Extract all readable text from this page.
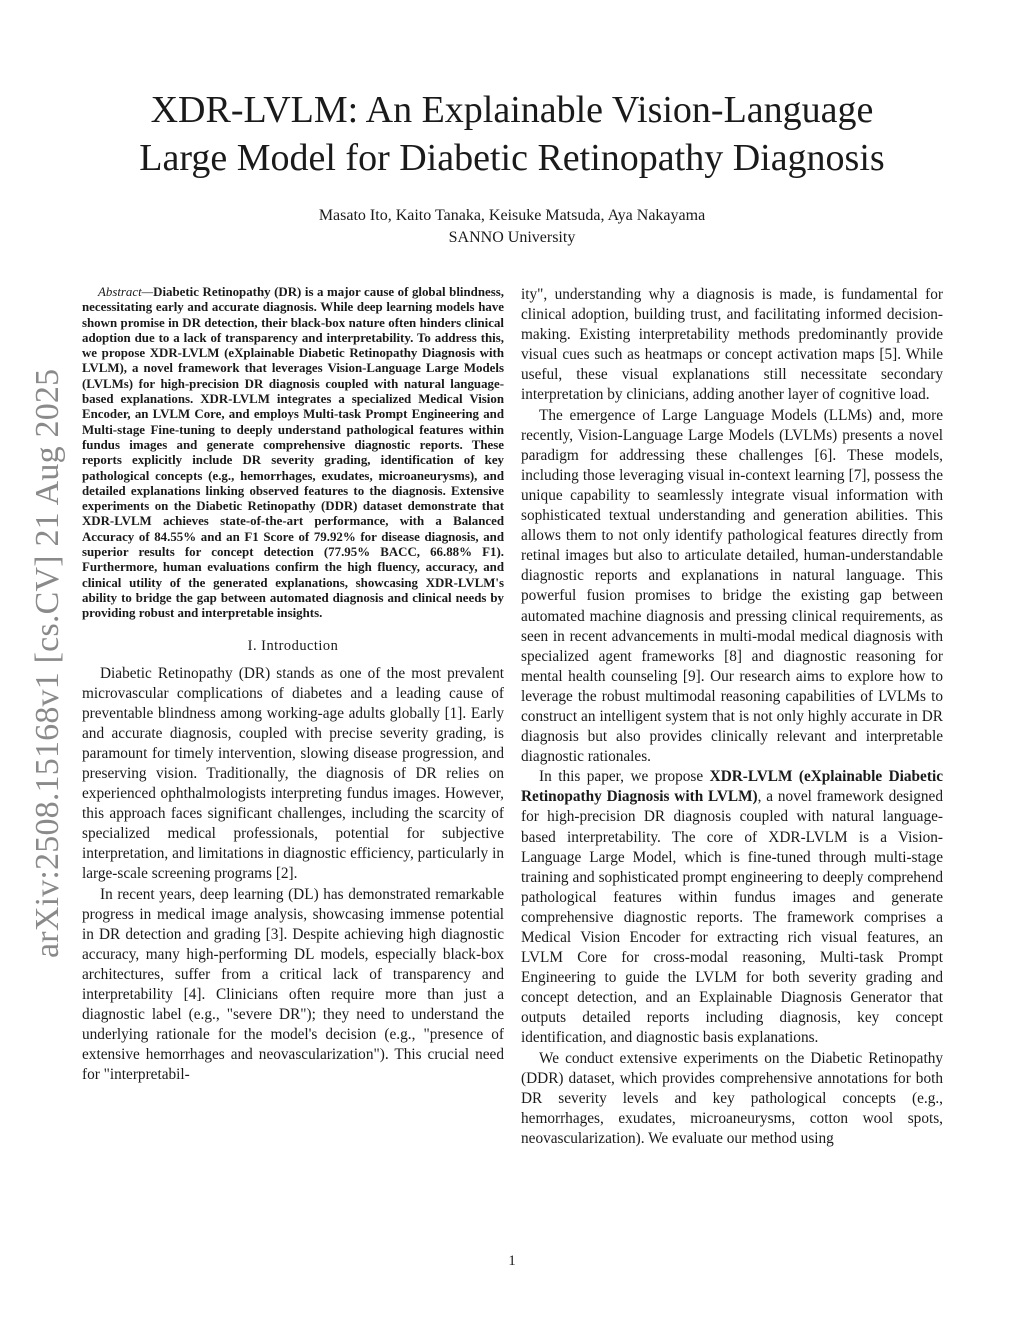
arXiv:2508.15168v1 [cs.CV] 21 Aug 2025
XDR-LVLM: An Explainable Vision-Language
Large Model for Diabetic Retinopathy Diagnosis
Masato Ito, Kaito Tanaka, Keisuke Matsuda, Aya Nakayama
SANNO University

Abstract—Diabetic Retinopathy (DR) is a major cause of global blindness, necessitating early and accurate diagnosis. While deep learning models have shown promise in DR detection, their black-box nature often hinders clinical adoption due to a lack of transparency and interpretability. To address this, we propose XDR-LVLM (eXplainable Diabetic Retinopathy Diagnosis with LVLM), a novel framework that leverages Vision-Language Large Models (LVLMs) for high-precision DR diagnosis coupled with natural language-based explanations. XDR-LVLM integrates a specialized Medical Vision Encoder, an LVLM Core, and employs Multi-task Prompt Engineering and Multi-stage Fine-tuning to deeply understand pathological features within fundus images and generate comprehensive diagnostic reports. These reports explicitly include DR severity grading, identification of key pathological concepts (e.g., hemorrhages, exudates, microaneurysms), and detailed explanations linking observed features to the diagnosis. Extensive experiments on the Diabetic Retinopathy (DDR) dataset demonstrate that XDR-LVLM achieves state-of-the-art performance, with a Balanced Accuracy of 84.55% and an F1 Score of 79.92% for disease diagnosis, and superior results for concept detection (77.95% BACC, 66.88% F1). Furthermore, human evaluations confirm the high fluency, accuracy, and clinical utility of the generated explanations, showcasing XDR-LVLM's ability to bridge the gap between automated diagnosis and clinical needs by providing robust and interpretable insights.

I. Introduction

Diabetic Retinopathy (DR) stands as one of the most prevalent microvascular complications of diabetes and a leading cause of preventable blindness among working-age adults globally [1]. Early and accurate diagnosis, coupled with precise severity grading, is paramount for timely intervention, slowing disease progression, and preserving vision. Traditionally, the diagnosis of DR relies on experienced ophthalmologists interpreting fundus images. However, this approach faces significant challenges, including the scarcity of specialized medical professionals, potential for subjective interpretation, and limitations in diagnostic efficiency, particularly in large-scale screening programs [2].

In recent years, deep learning (DL) has demonstrated remarkable progress in medical image analysis, showcasing immense potential in DR detection and grading [3]. Despite achieving high diagnostic accuracy, many high-performing DL models, especially black-box architectures, suffer from a critical lack of transparency and interpretability [4]. Clinicians often require more than just a diagnostic label (e.g., "severe DR"); they need to understand the underlying rationale for the model's decision (e.g., "presence of extensive hemorrhages and neovascularization"). This crucial need for "interpretabil-

ity", understanding why a diagnosis is made, is fundamental for clinical adoption, building trust, and facilitating informed decision-making. Existing interpretability methods predominantly provide visual cues such as heatmaps or concept activation maps [5]. While useful, these visual explanations still necessitate secondary interpretation by clinicians, adding another layer of cognitive load.

The emergence of Large Language Models (LLMs) and, more recently, Vision-Language Large Models (LVLMs) presents a novel paradigm for addressing these challenges [6]. These models, including those leveraging visual in-context learning [7], possess the unique capability to seamlessly integrate visual information with sophisticated textual understanding and generation abilities. This allows them to not only identify pathological features directly from retinal images but also to articulate detailed, human-understandable diagnostic reports and explanations in natural language. This powerful fusion promises to bridge the existing gap between automated machine diagnosis and pressing clinical requirements, as seen in recent advancements in multi-modal medical diagnosis with specialized agent frameworks [8] and diagnostic reasoning for mental health counseling [9]. Our research aims to explore how to leverage the robust multimodal reasoning capabilities of LVLMs to construct an intelligent system that is not only highly accurate in DR diagnosis but also provides clinically relevant and interpretable diagnostic rationales.

In this paper, we propose XDR-LVLM (eXplainable Diabetic Retinopathy Diagnosis with LVLM), a novel framework designed for high-precision DR diagnosis coupled with natural language-based interpretability. The core of XDR-LVLM is a Vision-Language Large Model, which is fine-tuned through multi-stage training and sophisticated prompt engineering to deeply comprehend pathological features within fundus images and generate comprehensive diagnostic reports. The framework comprises a Medical Vision Encoder for extracting rich visual features, an LVLM Core for cross-modal reasoning, Multi-task Prompt Engineering to guide the LVLM for both severity grading and concept detection, and an Explainable Diagnosis Generator that outputs detailed reports including diagnosis, key concept identification, and diagnostic basis explanations.

We conduct extensive experiments on the Diabetic Retinopathy (DDR) dataset, which provides comprehensive annotations for both DR severity levels and key pathological concepts (e.g., hemorrhages, exudates, microaneurysms, cotton wool spots, neovascularization). We evaluate our method using

1
